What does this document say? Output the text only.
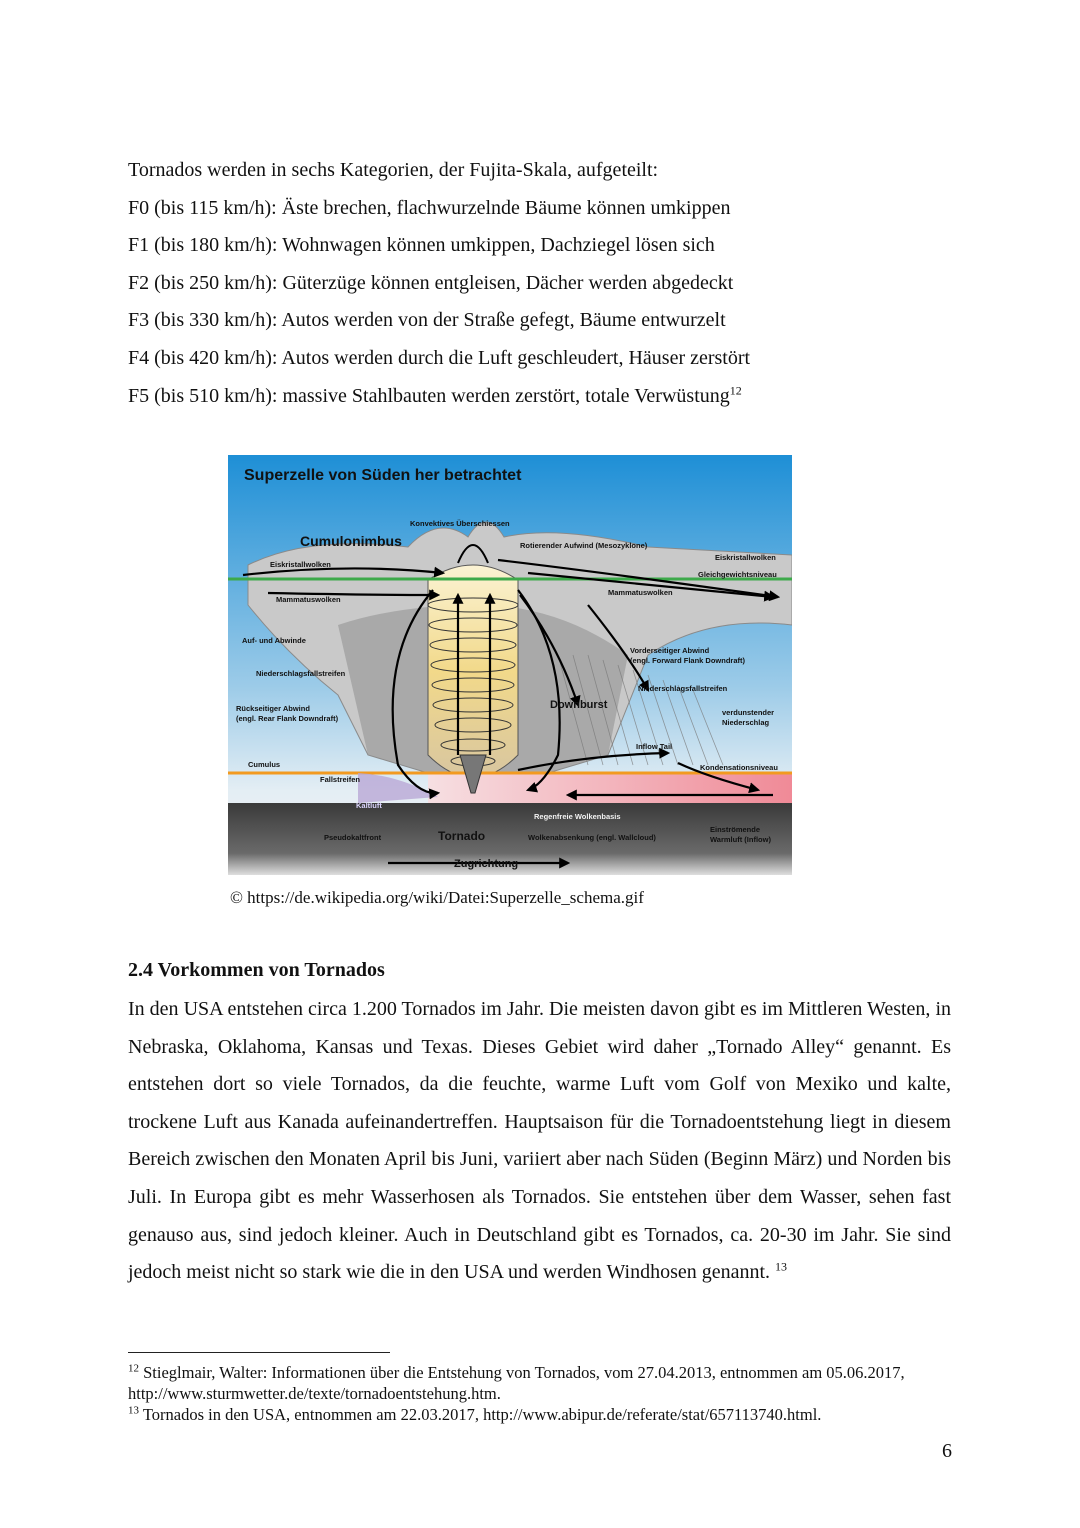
Tornados werden in sechs Kategorien, der Fujita-Skala, aufgeteilt:

F0 (bis 115 km/h): Äste brechen, flachwurzelnde Bäume können umkippen

F1 (bis 180 km/h): Wohnwagen können umkippen, Dachziegel lösen sich

F2 (bis 250 km/h): Güterzüge können entgleisen, Dächer werden abgedeckt

F3 (bis 330 km/h): Autos werden von der Straße gefegt, Bäume entwurzelt

F4 (bis 420 km/h): Autos werden durch die Luft geschleudert, Häuser zerstört

F5 (bis 510 km/h): massive Stahlbauten werden zerstört, totale Verwüstung$^{12}$

Superzelle von Süden her betrachtet
Konvektives Überschiessen
Cumulonimbus	Rotierender Aufwind (Mesozyklone)
Eiskristallwolken
Eiskristallwolken
Gleichgewichtsniveau
Mammatuswolken
Mammatuswolken
Auf- und Abwinde
Vorderseitiger Abwind
(engl. Forward Flank Downdraft)
Niederschlagsfallstreifen
Niederschlagsfallstreifen
Downburst
verdunstender
Niederschlag
Rückseitiger Abwind
(engl. Rear Flank Downdraft)
Inflow Tail
Cumulus	Kondensationsniveau
Fallstreifen
Kaltluft
Regenfreie Wolkenbasis
Pseudokaltfront	Tornado	Wolkenabsenkung (engl. Wallcloud)
Einströmende
Warmluft (Inflow)
Zugrichtung
© https://de.wikipedia.org/wiki/Datei:Superzelle_schema.gif
2.4 Vorkommen von Tornados

In den USA entstehen circa 1.200 Tornados im Jahr. Die meisten davon gibt es im Mittleren Westen, in Nebraska, Oklahoma, Kansas und Texas. Dieses Gebiet wird daher „Tornado Alley“ genannt. Es entstehen dort so viele Tornados, da die feuchte, warme Luft vom Golf von Mexiko und kalte, trockene Luft aus Kanada aufeinandertreffen. Hauptsaison für die Tornadoentstehung liegt in diesem Bereich zwischen den Monaten April bis Juni, variiert aber nach Süden (Beginn März) und Norden bis Juli. In Europa gibt es mehr Wasserhosen als Tornados. Sie entstehen über dem Wasser, sehen fast genauso aus, sind jedoch kleiner. Auch in Deutschland gibt es Tornados, ca. 20-30 im Jahr. Sie sind jedoch meist nicht so stark wie die in den USA und werden Windhosen genannt. $^{13}$

$^{12}$ Stieglmair, Walter: Informationen über die Entstehung von Tornados, vom 27.04.2013, entnommen am 05.06.2017, http://www.sturmwetter.de/texte/tornadoentstehung.htm.

$^{13}$ Tornados in den USA, entnommen am 22.03.2017, http://www.abipur.de/referate/stat/657113740.html.

6
